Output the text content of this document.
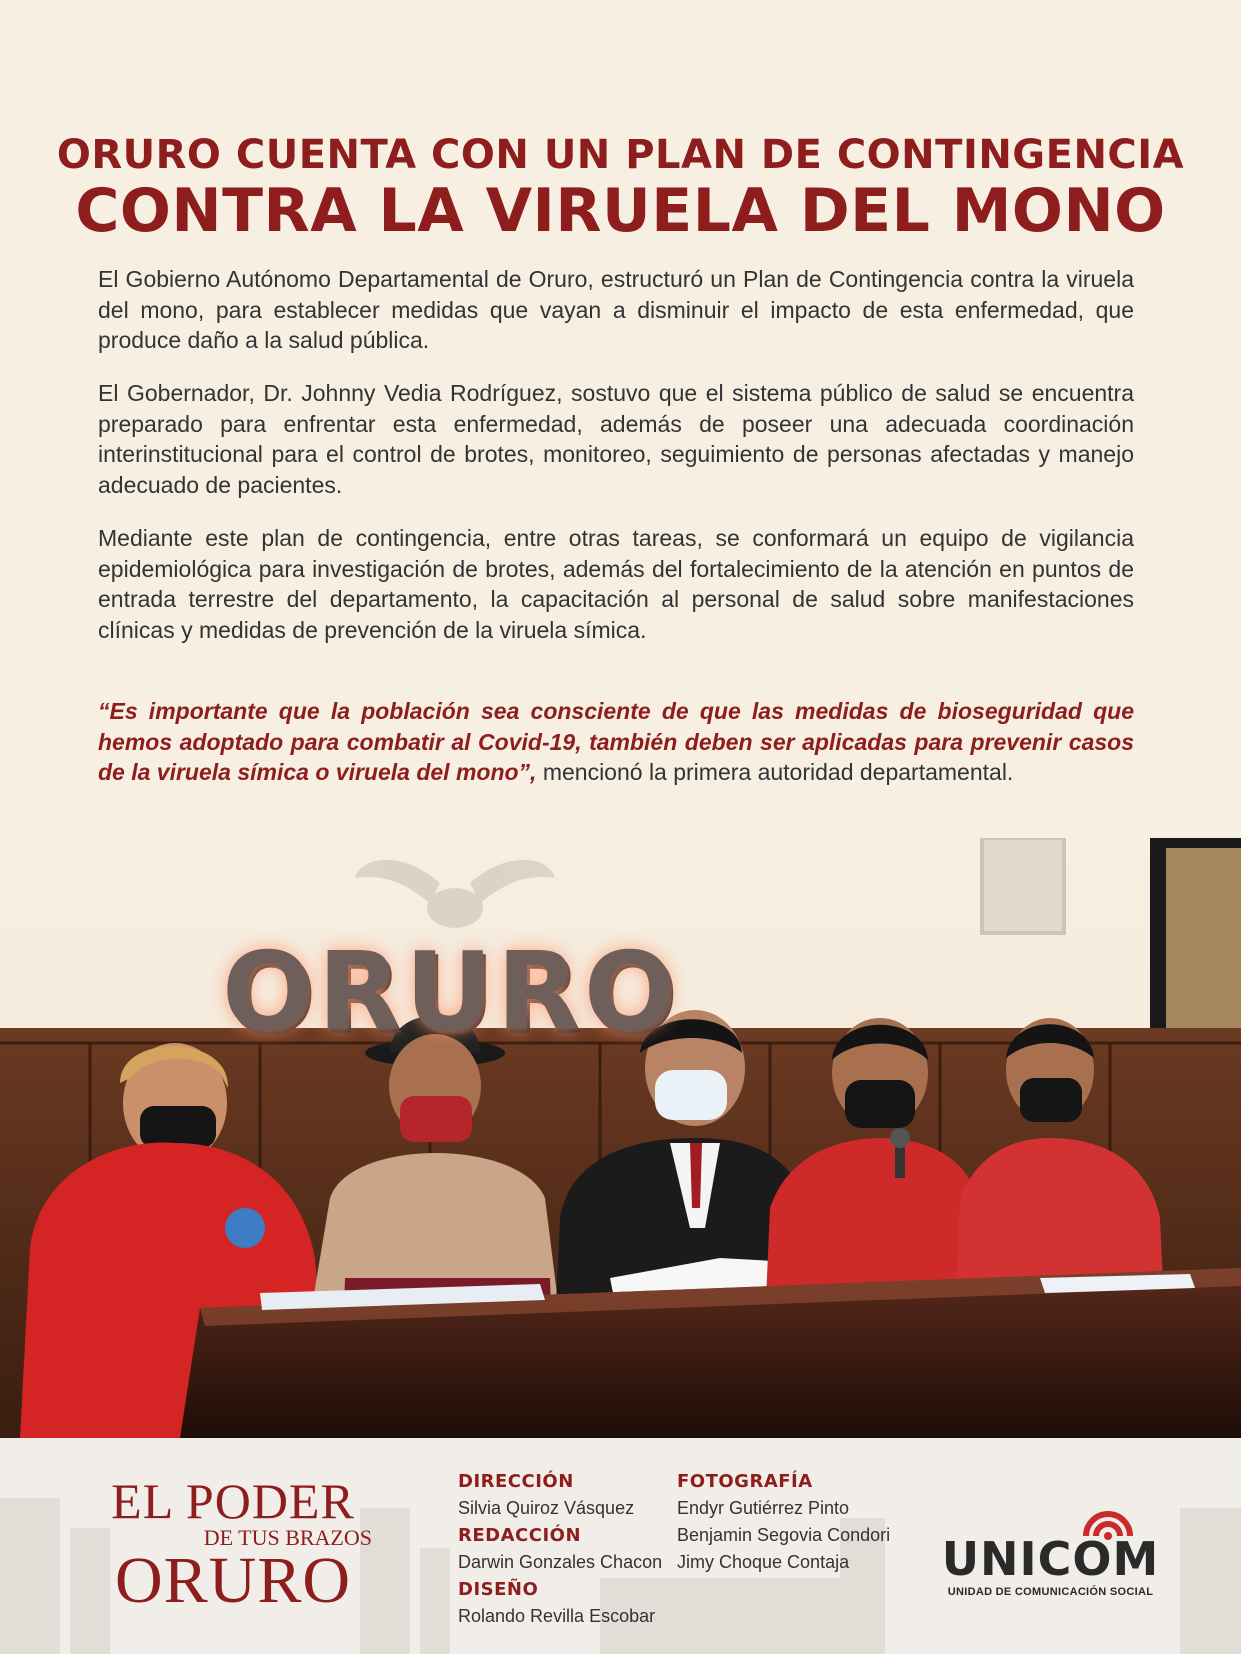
ORURO CUENTA CON UN PLAN DE CONTINGENCIA
CONTRA LA VIRUELA DEL MONO

El Gobierno Autónomo Departamental de Oruro, estructuró un Plan de Contingencia contra la viruela del mono, para establecer medidas que vayan a disminuir el impacto de esta enfermedad, que produce daño a la salud pública.

El Gobernador, Dr. Johnny Vedia Rodríguez, sostuvo que el sistema público de salud se encuentra preparado para enfrentar esta enfermedad, además de poseer una adecuada coordinación interinstitucional para el control de brotes, monitoreo, seguimiento de personas afectadas y manejo adecuado de pacientes.

Mediante este plan de contingencia, entre otras tareas, se conformará un equipo de vigilancia epidemiológica para investigación de brotes, además del fortalecimiento de la atención en puntos de entrada terrestre del departamento, la capacitación al personal de salud sobre manifestaciones clínicas y medidas de prevención de la viruela símica.

“Es importante que la población sea consciente de que las medidas de bioseguridad que hemos adoptado para combatir al Covid-19, también deben ser aplicadas para prevenir casos de la viruela símica o viruela del mono”, mencionó la primera autoridad departamental.

ORURO
EL PODER
DE TUS BRAZOS
ORURO
DIRECCIÓN
Silvia Quiroz Vásquez
REDACCIÓN
Darwin Gonzales Chacon
DISEÑO
Rolando Revilla Escobar
FOTOGRAFÍA
Endyr Gutiérrez Pinto
Benjamin Segovia Condori
Jimy Choque Contaja	UNICOM
UNIDAD DE COMUNICACIÓN SOCIAL
